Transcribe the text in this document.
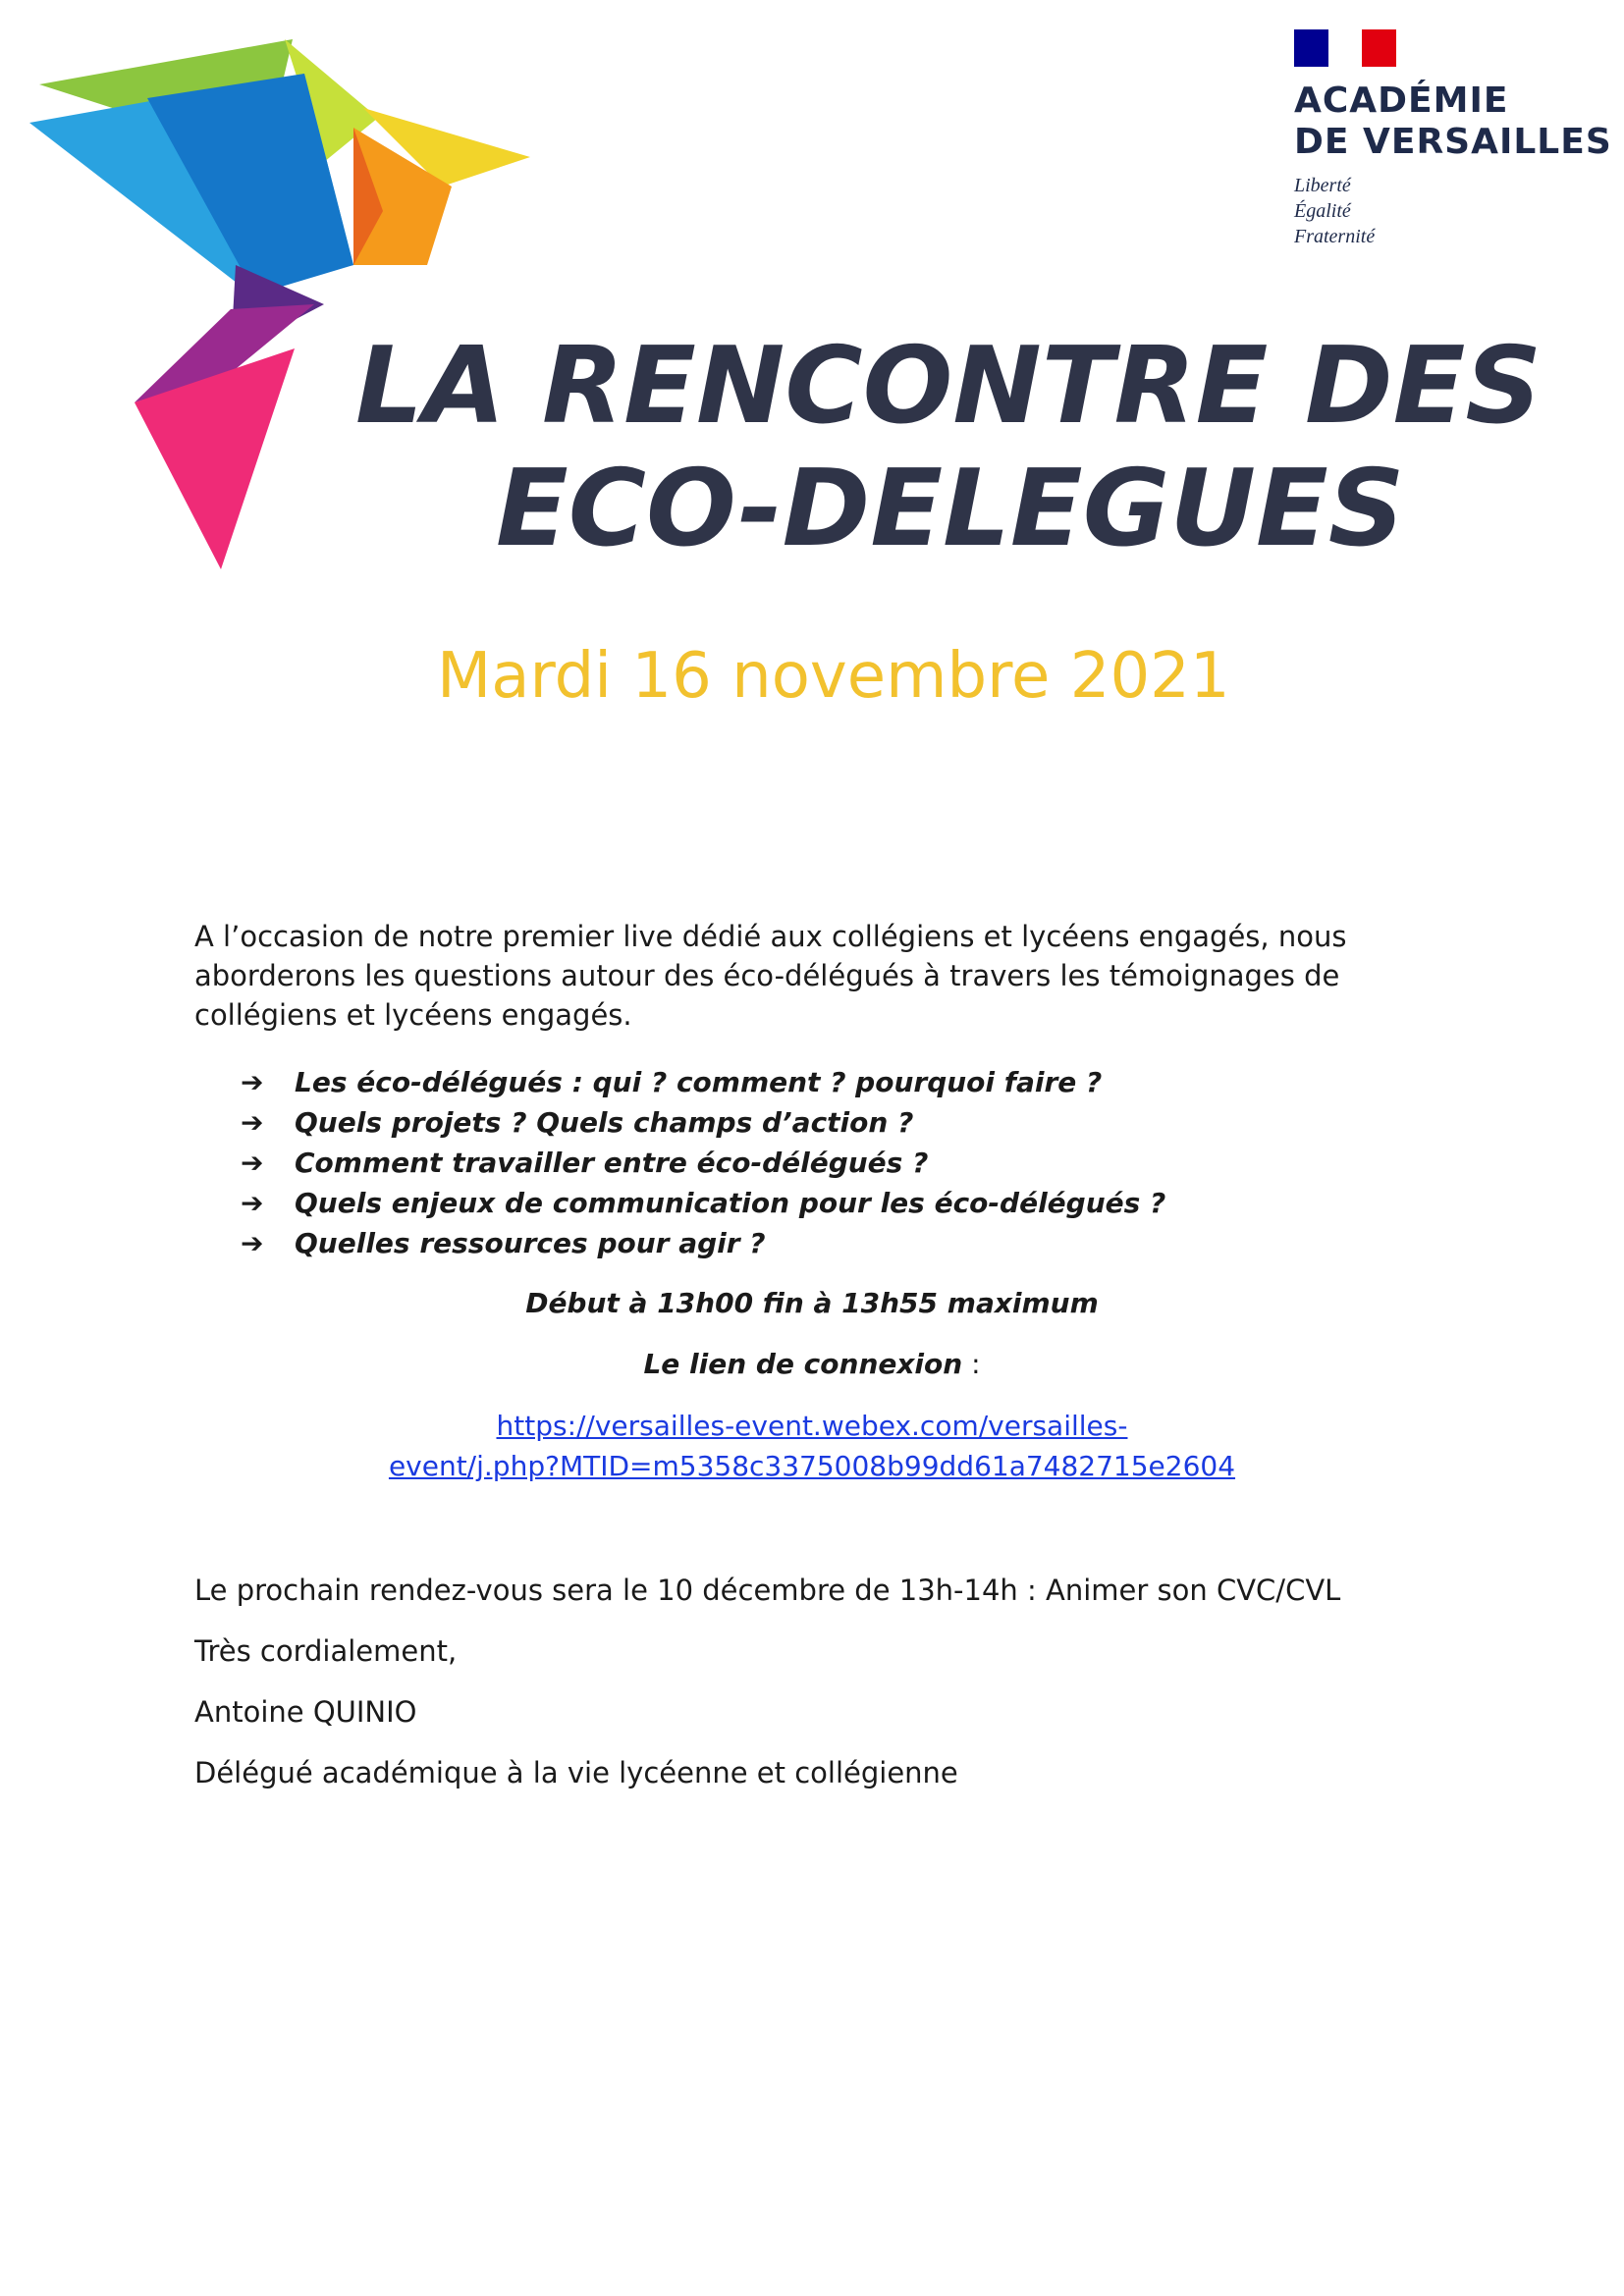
ACADÉMIE

DE VERSAILLES

Liberté

Égalité

Fraternité

LA RENCONTRE DES
ECO-DELEGUES

Mardi 16 novembre 2021

A l’occasion de notre premier live dédié aux collégiens et lycéens engagés, nous aborderons les questions autour des éco-délégués à travers les témoignages de collégiens et lycéens engagés.

➔	Les éco-délégués : qui ? comment ? pourquoi faire ?
➔	Quels projets ? Quels champs d’action ?
➔	Comment travailler entre éco-délégués ?
➔	Quels enjeux de communication pour les éco-délégués ?
➔	Quelles ressources pour agir ?

Début à 13h00 fin à 13h55 maximum

Le lien de connexion :

https://versailles-event.webex.com/versailles-
event/j.php?MTID=m5358c3375008b99dd61a7482715e2604

Le prochain rendez-vous sera le 10 décembre de 13h-14h : Animer son CVC/CVL

Très cordialement,

Antoine QUINIO

Délégué académique à la vie lycéenne et collégienne
